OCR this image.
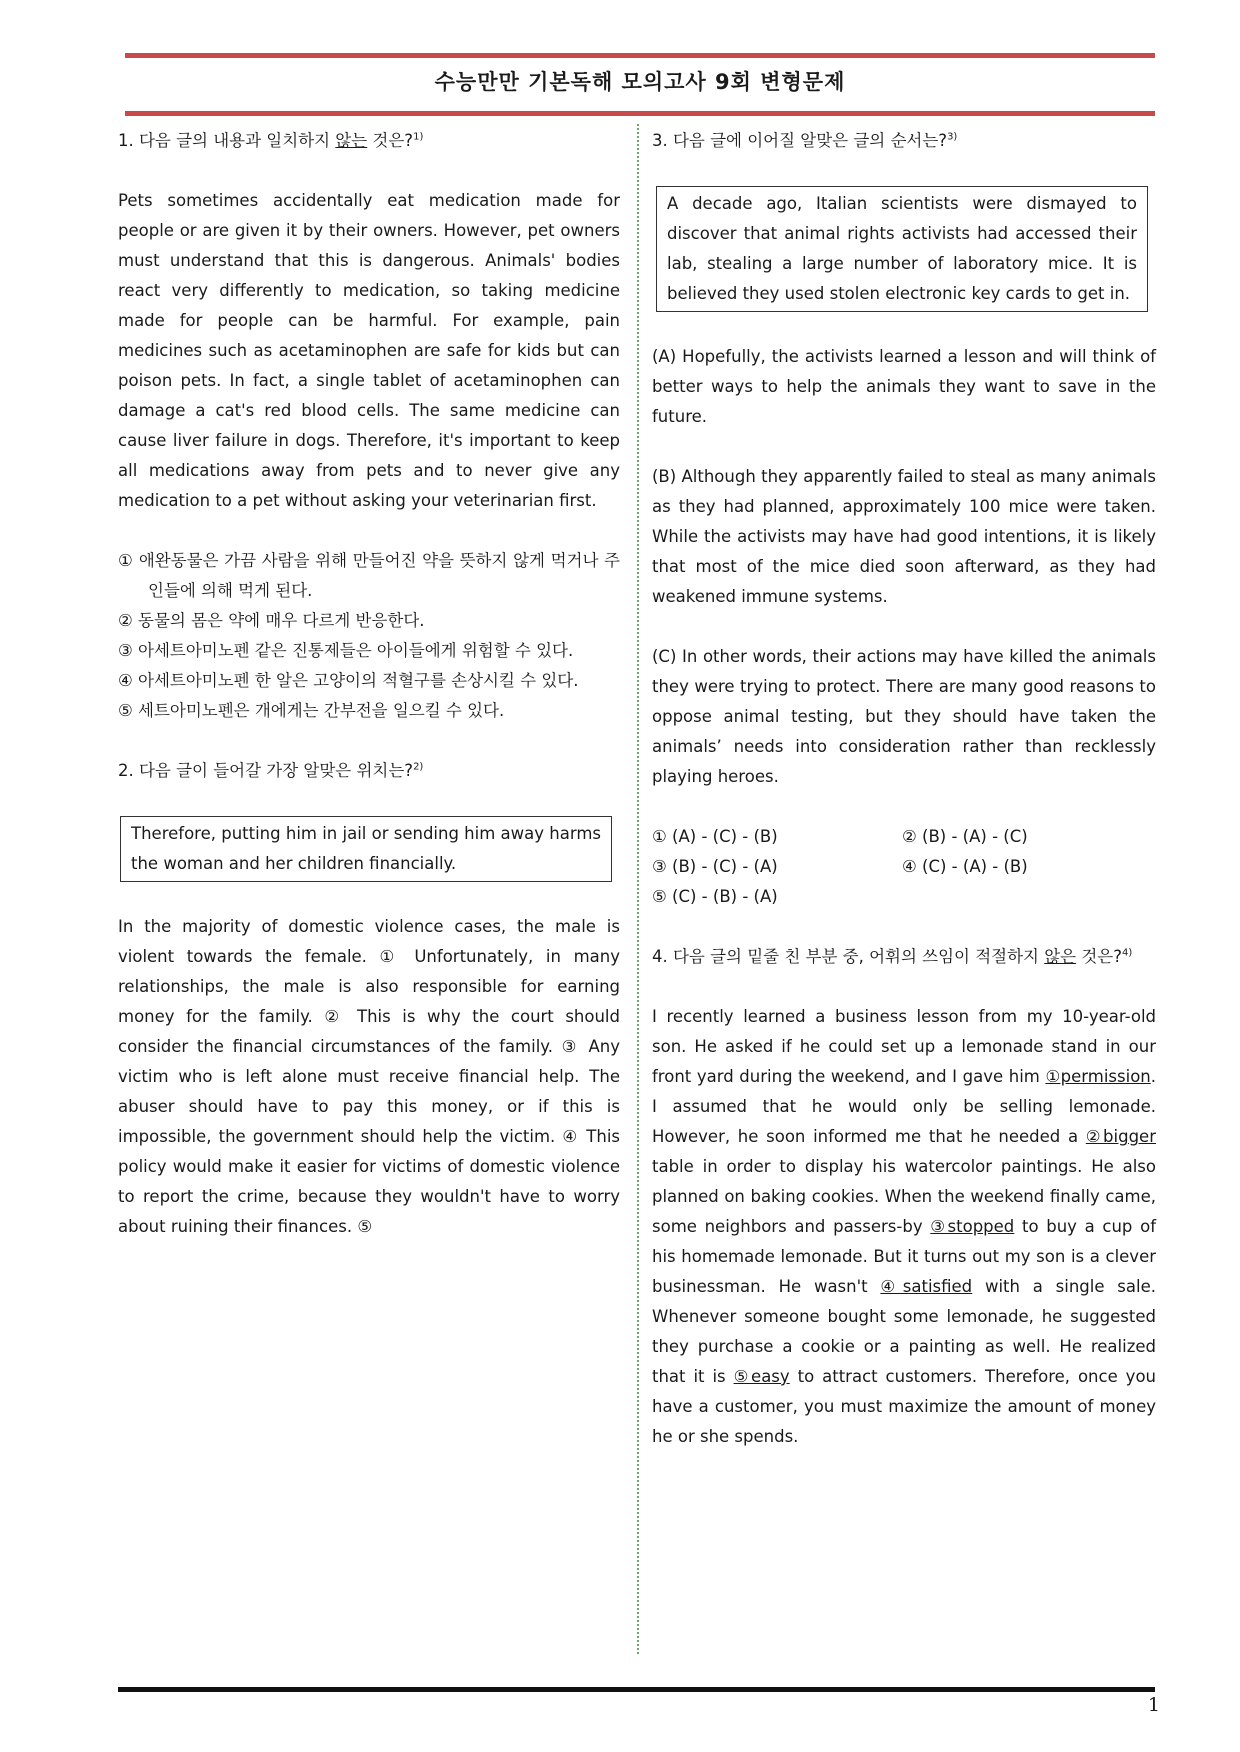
수능만만 기본독해 모의고사 9회 변형문제

1. 다음 글의 내용과 일치하지 않는 것은?$^{1)}$

Pets sometimes accidentally eat medication made for people or are given it by their owners. However, pet owners must understand that this is dangerous. Animals' bodies react very differently to medication, so taking medicine made for people can be harmful. For example, pain medicines such as acetaminophen are safe for kids but can poison pets. In fact, a single tablet of acetaminophen can damage a cat's red blood cells. The same medicine can cause liver failure in dogs. Therefore, it's important to keep all medications away from pets and to never give any medication to a pet without asking your veterinarian first.

① 애완동물은 가끔 사람을 위해 만들어진 약을 뜻하지 않게 먹거나 주인들에 의해 먹게 된다.
② 동물의 몸은 약에 매우 다르게 반응한다.
③ 아세트아미노펜 같은 진통제들은 아이들에게 위험할 수 있다.
④ 아세트아미노펜 한 알은 고양이의 적혈구를 손상시킬 수 있다.
⑤ 세트아미노펜은 개에게는 간부전을 일으킬 수 있다.

2. 다음 글이 들어갈 가장 알맞은 위치는?$^{2)}$

Therefore, putting him in jail or sending him away harms the woman and her children financially.

In the majority of domestic violence cases, the male is violent towards the female. ① Unfortunately, in many relationships, the male is also responsible for earning money for the family. ② This is why the court should consider the financial circumstances of the family. ③ Any victim who is left alone must receive financial help. The abuser should have to pay this money, or if this is impossible, the government should help the victim. ④ This policy would make it easier for victims of domestic violence to report the crime, because they wouldn't have to worry about ruining their finances. ⑤

3. 다음 글에 이어질 알맞은 글의 순서는?$^{3)}$

A decade ago, Italian scientists were dismayed to discover that animal rights activists had accessed their lab, stealing a large number of laboratory mice. It is believed they used stolen electronic key cards to get in.

(A) Hopefully, the activists learned a lesson and will think of better ways to help the animals they want to save in the future.

(B) Although they apparently failed to steal as many animals as they had planned, approximately 100 mice were taken. While the activists may have had good intentions, it is likely that most of the mice died soon afterward, as they had weakened immune systems.

(C) In other words, their actions may have killed the animals they were trying to protect. There are many good reasons to oppose animal testing, but they should have taken the animals’ needs into consideration rather than recklessly playing heroes.

① (A) - (C) - (B)	② (B) - (A) - (C)
③ (B) - (C) - (A)	④ (C) - (A) - (B)
⑤ (C) - (B) - (A)

4. 다음 글의 밑줄 친 부분 중, 어휘의 쓰임이 적절하지 않은 것은?$^{4)}$

I recently learned a business lesson from my 10-year-old son. He asked if he could set up a lemonade stand in our front yard during the weekend, and I gave him ①permission. I assumed that he would only be selling lemonade. However, he soon informed me that he needed a ②bigger table in order to display his watercolor paintings. He also planned on baking cookies. When the weekend finally came, some neighbors and passers-by ③stopped to buy a cup of his homemade lemonade. But it turns out my son is a clever businessman. He wasn't ④satisfied with a single sale. Whenever someone bought some lemonade, he suggested they purchase a cookie or a painting as well. He realized that it is ⑤easy to attract customers. Therefore, once you have a customer, you must maximize the amount of money he or she spends.

1
